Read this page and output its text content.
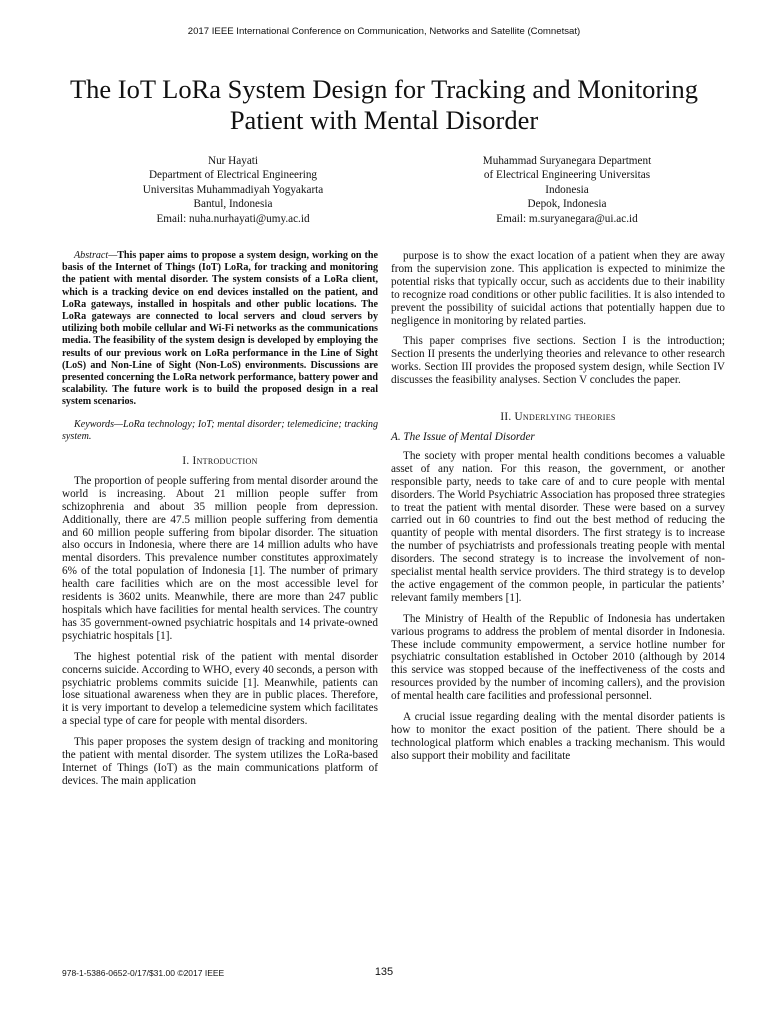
2017 IEEE International Conference on Communication, Networks and Satellite (Comnetsat)
The IoT LoRa System Design for Tracking and Monitoring Patient with Mental Disorder
Nur Hayati
Department of Electrical Engineering
Universitas Muhammadiyah Yogyakarta
Bantul, Indonesia
Email: nuha.nurhayati@umy.ac.id
Muhammad Suryanegara Department
of Electrical Engineering Universitas
Indonesia
Depok, Indonesia
Email: m.suryanegara@ui.ac.id

Abstract—This paper aims to propose a system design, working on the basis of the Internet of Things (IoT) LoRa, for tracking and monitoring the patient with mental disorder. The system consists of a LoRa client, which is a tracking device on end devices installed on the patient, and LoRa gateways, installed in hospitals and other public locations. The LoRa gateways are connected to local servers and cloud servers by utilizing both mobile cellular and Wi-Fi networks as the communications media. The feasibility of the system design is developed by employing the results of our previous work on LoRa performance in the Line of Sight (LoS) and Non-Line of Sight (Non-LoS) environments. Discussions are presented concerning the LoRa network performance, battery power and scalability. The future work is to build the proposed design in a real system scenarios.

Keywords—LoRa technology; IoT; mental disorder; telemedicine; tracking system.

I. Introduction

The proportion of people suffering from mental disorder around the world is increasing. About 21 million people suffer from schizophrenia and about 35 million people from depression. Additionally, there are 47.5 million people suffering from dementia and 60 million people suffering from bipolar disorder. The situation also occurs in Indonesia, where there are 14 million adults who have mental disorders. This prevalence number constitutes approximately 6% of the total population of Indonesia [1]. The number of primary health care facilities which are on the most accessible level for residents is 3602 units. Meanwhile, there are more than 247 public hospitals which have facilities for mental health services. The country has 35 government-owned psychiatric hospitals and 14 private-owned psychiatric hospitals [1].

The highest potential risk of the patient with mental disorder concerns suicide. According to WHO, every 40 seconds, a person with psychiatric problems commits suicide [1]. Meanwhile, patients can lose situational awareness when they are in public places. Therefore, it is very important to develop a telemedicine system which facilitates a special type of care for people with mental disorders.

This paper proposes the system design of tracking and monitoring the patient with mental disorder. The system utilizes the LoRa-based Internet of Things (IoT) as the main communications platform of devices. The main application

purpose is to show the exact location of a patient when they are away from the supervision zone. This application is expected to minimize the potential risks that typically occur, such as accidents due to their inability to recognize road conditions or other public facilities. It is also intended to prevent the possibility of suicidal actions that potentially happen due to negligence in monitoring by related parties.

This paper comprises five sections. Section I is the introduction; Section II presents the underlying theories and relevance to other research works. Section III provides the proposed system design, while Section IV discusses the feasibility analyses. Section V concludes the paper.

II. Underlying theories
A. The Issue of Mental Disorder

The society with proper mental health conditions becomes a valuable asset of any nation. For this reason, the government, or another responsible party, needs to take care of and to cure people with mental disorders. The World Psychiatric Association has proposed three strategies to treat the patient with mental disorder. These were based on a survey carried out in 60 countries to find out the best method of reducing the quantity of people with mental disorders. The first strategy is to increase the number of psychiatrists and professionals treating people with mental disorders. The second strategy is to increase the involvement of non-specialist mental health service providers. The third strategy is to develop the active engagement of the common people, in particular the patients’ relevant family members [1].

The Ministry of Health of the Republic of Indonesia has undertaken various programs to address the problem of mental disorder in Indonesia. These include community empowerment, a service hotline number for psychiatric consultation established in October 2010 (although by 2014 this service was stopped because of the ineffectiveness of the costs and resources provided by the number of incoming callers), and the provision of mental health care facilities and professional personnel.

A crucial issue regarding dealing with the mental disorder patients is how to monitor the exact position of the patient. There should be a technological platform which enables a tracking mechanism. This would also support their mobility and facilitate

978-1-5386-0652-0/17/$31.00 ©2017 IEEE	135
